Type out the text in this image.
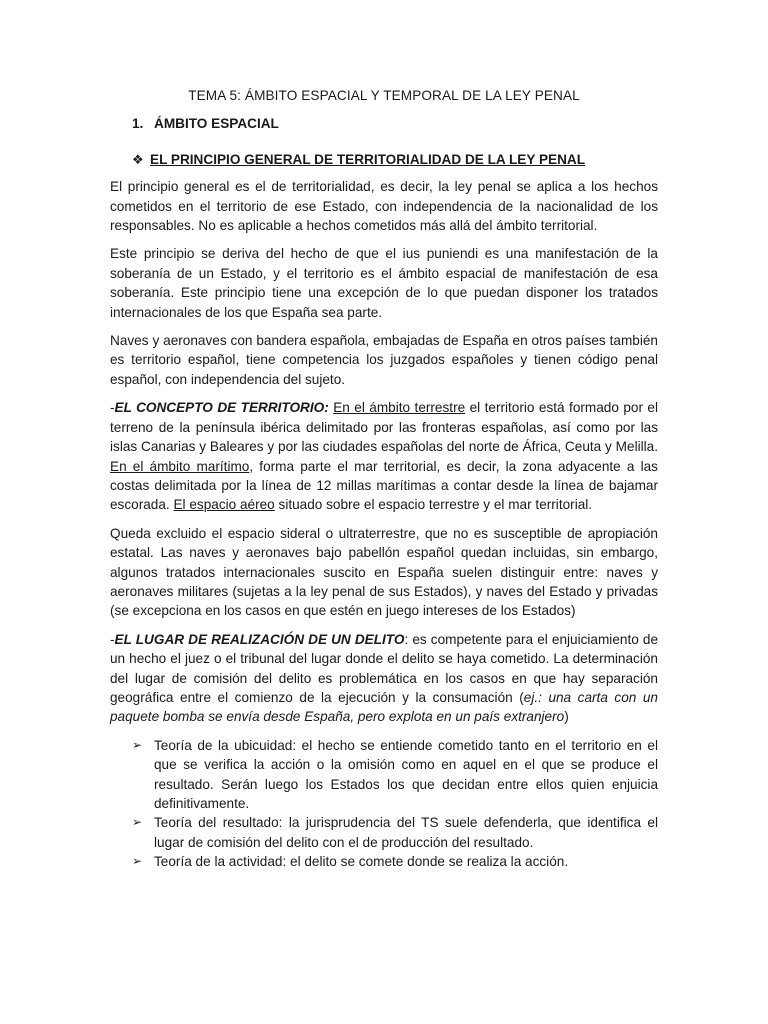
TEMA 5: ÁMBITO ESPACIAL Y TEMPORAL DE LA LEY PENAL
1. ÁMBITO ESPACIAL
❖ EL PRINCIPIO GENERAL DE TERRITORIALIDAD DE LA LEY PENAL

El principio general es el de territorialidad, es decir, la ley penal se aplica a los hechos cometidos en el territorio de ese Estado, con independencia de la nacionalidad de los responsables. No es aplicable a hechos cometidos más allá del ámbito territorial.

Este principio se deriva del hecho de que el ius puniendi es una manifestación de la soberanía de un Estado, y el territorio es el ámbito espacial de manifestación de esa soberanía. Este principio tiene una excepción de lo que puedan disponer los tratados internacionales de los que España sea parte.

Naves y aeronaves con bandera española, embajadas de España en otros países también es territorio español, tiene competencia los juzgados españoles y tienen código penal español, con independencia del sujeto.

-EL CONCEPTO DE TERRITORIO: En el ámbito terrestre el territorio está formado por el terreno de la península ibérica delimitado por las fronteras españolas, así como por las islas Canarias y Baleares y por las ciudades españolas del norte de África, Ceuta y Melilla. En el ámbito marítimo, forma parte el mar territorial, es decir, la zona adyacente a las costas delimitada por la línea de 12 millas marítimas a contar desde la línea de bajamar escorada. El espacio aéreo situado sobre el espacio terrestre y el mar territorial.

Queda excluido el espacio sideral o ultraterrestre, que no es susceptible de apropiación estatal. Las naves y aeronaves bajo pabellón español quedan incluidas, sin embargo, algunos tratados internacionales suscito en España suelen distinguir entre: naves y aeronaves militares (sujetas a la ley penal de sus Estados), y naves del Estado y privadas (se excepciona en los casos en que estén en juego intereses de los Estados)

-EL LUGAR DE REALIZACIÓN DE UN DELITO: es competente para el enjuiciamiento de un hecho el juez o el tribunal del lugar donde el delito se haya cometido. La determinación del lugar de comisión del delito es problemática en los casos en que hay separación geográfica entre el comienzo de la ejecución y la consumación (ej.: una carta con un paquete bomba se envía desde España, pero explota en un país extranjero)

➢ Teoría de la ubicuidad: el hecho se entiende cometido tanto en el territorio en el que se verifica la acción o la omisión como en aquel en el que se produce el resultado. Serán luego los Estados los que decidan entre ellos quien enjuicia definitivamente.
➢ Teoría del resultado: la jurisprudencia del TS suele defenderla, que identifica el lugar de comisión del delito con el de producción del resultado.
➢ Teoría de la actividad: el delito se comete donde se realiza la acción.
